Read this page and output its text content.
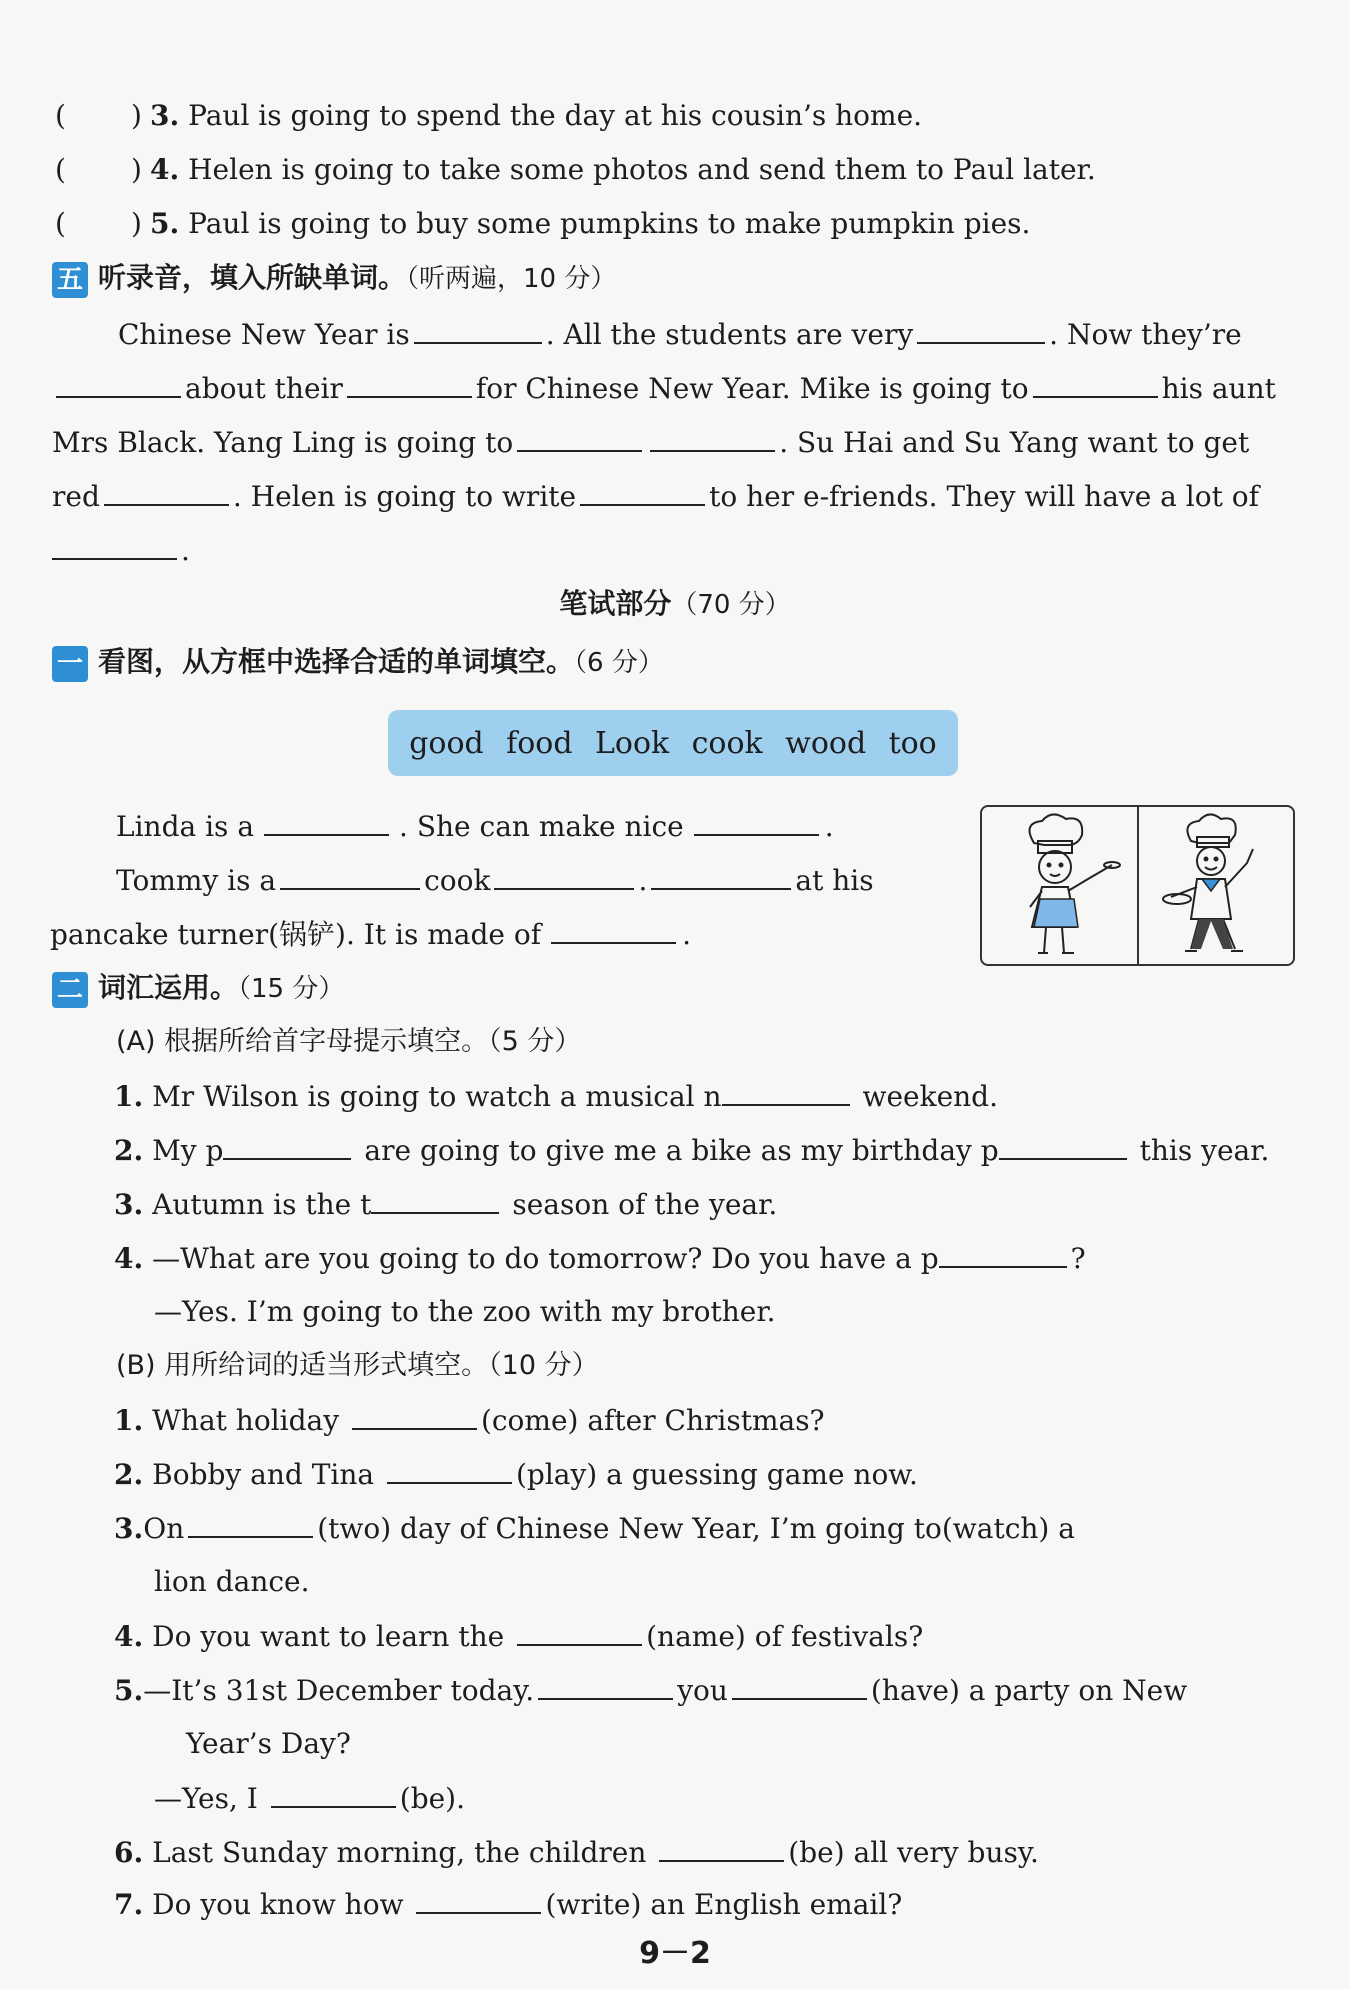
( ) 3. Paul is going to spend the day at his cousin’s home.
( ) 4. Helen is going to take some photos and send them to Paul later.
( ) 5. Paul is going to buy some pumpkins to make pumpkin pies.
五 听录音，填入所缺单词。（听两遍，10 分）
Chinese New Year is	. All the students are very	. Now they’re
about their	for Chinese New Year. Mike is going to	his aunt
Mrs Black. Yang Ling is going to	. Su Hai and Su Yang want to get
red	. Helen is going to write	to her e-friends. They will have a lot of
.
笔试部分（70 分）
一 看图，从方框中选择合适的单词填空。（6 分）
good food Look cook wood too
Linda is a	. She can make nice	.
Tommy is a	cook	.	at his
pancake turner(锅铲). It is made of	.
二 词汇运用。（15 分）
(A) 根据所给首字母提示填空。（5 分）
1. Mr Wilson is going to watch a musical n	weekend.
2. My p	are going to give me a bike as my birthday p	this year.
3. Autumn is the t	season of the year.
4. —What are you going to do tomorrow? Do you have a p	?
—Yes. I’m going to the zoo with my brother.
(B) 用所给词的适当形式填空。（10 分）
1. What holiday	(come) after Christmas?
2. Bobby and Tina	(play) a guessing game now.
3.On	(two) day of Chinese New Year, I’m going to(watch) a
lion dance.
4. Do you want to learn the	(name) of festivals?
5.—It’s 31st December today.	you	(have) a party on New
Year’s Day?
—Yes, I	(be).
6. Last Sunday morning, the children	(be) all very busy.
7. Do you know how	(write) an English email?
9－2
